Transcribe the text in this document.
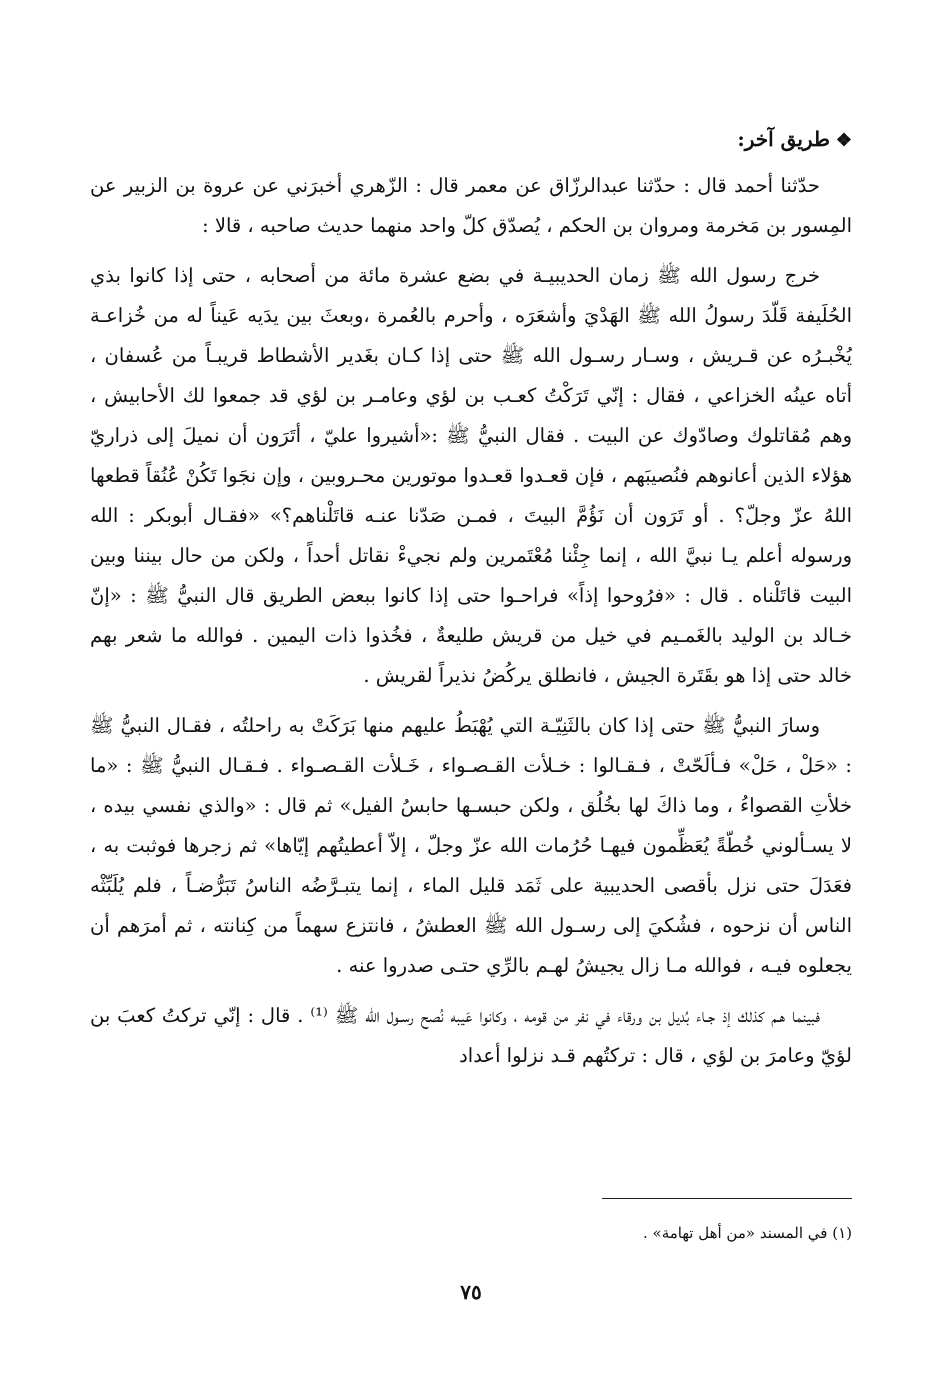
❖طريق آخر:

حدّثنا أحمد قال : حدّثنا عبدالرزّاق عن معمر قال : الزّهري أخبرَني عن عروة بن الزبير عن المِسور بن مَخرمة ومروان بن الحكم ، يُصدّق كلّ واحد منهما حديث صاحبه ، قالا :

خرج رسول الله ﷺ زمان الحديبيـة في بضع عشرة مائة من أصحابه ، حتى إذا كانوا بذي الحُلَيفة قَلّدَ رسولُ الله ﷺ الهَدْيَ وأشعَرَه ، وأحرم بالعُمرة ،وبعثَ بين يدَيه عَيناً له من خُزاعـة يُخْبـرُه عن قـريش ، وسـار رسـول الله ﷺ حتى إذا كـان بغَدير الأشطاط قريبـاً من عُسفان ، أتاه عينُه الخزاعي ، فقال : إنّي تَرَكْتُ كعـب بن لؤي وعامـر بن لؤي قد جمعوا لك الأحابيش ، وهم مُقاتلوك وصادّوك عن البيت . فقال النبيُّ ﷺ :«أشيروا عليّ ، أتَرَون أن نميلَ إلى ذراريّ هؤلاء الذين أعانوهم فنُصيبَهم ، فإن قعـدوا قعـدوا موتورين محـروبين ، وإن نجَوا تَكُنْ عُنُقاً قطعها اللهُ عزّ وجلّ؟ . أو تَرَون أن نَؤُمَّ البيتَ ، فمـن صَدّنا عنـه قاتَلْناهم؟» «فقـال أبوبكر : الله ورسوله أعلم يـا نبيَّ الله ، إنما جِئْنا مُعْتَمرين ولم نجيءْ نقاتل أحداً ، ولكن من حال بيننا وبين البيت قاتَلْناه . قال : «فرُوحوا إذاً» فراحـوا حتى إذا كانوا ببعض الطريق قال النبيُّ ﷺ : «إنّ خـالد بن الوليد بالغَمـيم في خيل من قريش طليعةٌ ، فخُذوا ذات اليمين . فوالله ما شعر بهم خالد حتى إذا هو بقَتَرة الجيش ، فانطلق يركُضُ نذيراً لقريش .

وسارَ النبيُّ ﷺ حتى إذا كان بالثَنِيّـة التي يُهْبَطُ عليهم منها بَرَكَتْ به راحلتُه ، فقـال النبيُّ ﷺ : «حَلْ ، حَلْ» فـألَحّتْ ، فـقـالوا : خـلأت القـصـواء ، خَـلأت القـصـواء . فـقـال النبيُّ ﷺ : «ما خلأتِ القصواءُ ، وما ذاكَ لها بخُلُق ، ولكن حبسـها حابسُ الفيل» ثم قال : «والذي نفسي بيده ، لا يسـألوني خُطّةً يُعَظِّمون فيهـا حُرُمات الله عزّ وجلّ ، إلاّ أعطيتُهم إيّاها» ثم زجرها فوثبت به ، فعَدَلَ حتى نزل بأقصى الحديبية على ثَمَد قليل الماء ، إنما يتبـرَّضُه الناسُ تَبَرُّضـاً ، فلم يُلَبِّثْه الناس أن نزحوه ، فشُكيَ إلى رسـول الله ﷺ العطشُ ، فانتزع سهماً من كِنانته ، ثم أمرَهم أن يجعلوه فيـه ، فوالله مـا زال يجيشُ لهـم بالرِّي حتـى صدروا عنه .

فبينما هـم كذلك إذ جـاء بُديل بن ورقاء في نفر من قومه ، وكانوا عَيبه نُصح رسـول الله ﷺ ⁽¹⁾ . قال : إنّي تركتُ كعبَ بن لؤيّ وعامرَ بن لؤي ، قال : تركتُهم قـد نزلوا أعداد

(١) في المسند «من أهل تهامة» .
٧٥
